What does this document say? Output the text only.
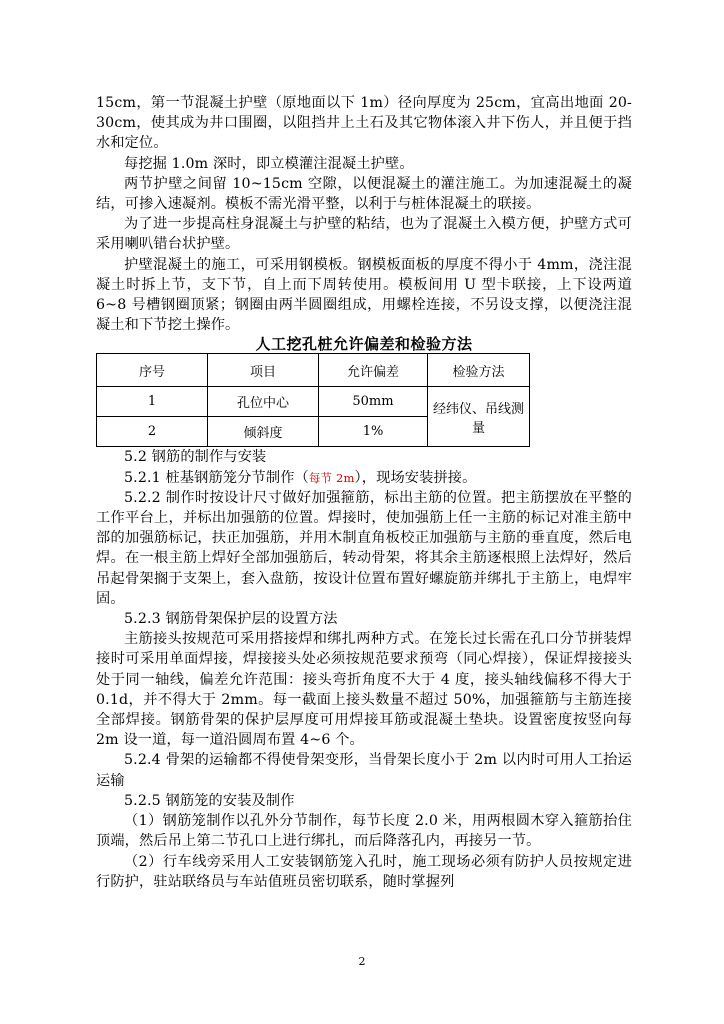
15cm，第一节混凝土护壁（原地面以下 1m）径向厚度为 25cm，宜高出地面 20-30cm，使其成为井口围圈，以阻挡井上土石及其它物体滚入井下伤人，并且便于挡水和定位。

每挖掘 1.0m 深时，即立模灌注混凝土护壁。

两节护壁之间留 10~15cm 空隙，以便混凝土的灌注施工。为加速混凝土的凝结，可掺入速凝剂。模板不需光滑平整，以利于与桩体混凝土的联接。

为了进一步提高柱身混凝土与护壁的粘结，也为了混凝土入模方便，护壁方式可采用喇叭错台状护壁。

护壁混凝土的施工，可采用钢模板。钢模板面板的厚度不得小于 4mm，浇注混凝土时拆上节，支下节，自上而下周转使用。模板间用 U 型卡联接，上下设两道 6~8 号槽钢圈顶紧；钢圈由两半圆圈组成，用螺栓连接，不另设支撑，以便浇注混凝土和下节挖土操作。

人工挖孔桩允许偏差和检验方法
序号	项目	允许偏差	检验方法
1	孔位中心	50mm	经纬仪、吊线测量
2	倾斜度	1%	

5.2 钢筋的制作与安装

5.2.1 桩基钢筋笼分节制作（每节 2m），现场安装拼接。

5.2.2 制作时按设计尺寸做好加强箍筋，标出主筋的位置。把主筋摆放在平整的工作平台上，并标出加强筋的位置。焊接时，使加强筋上任一主筋的标记对准主筋中部的加强筋标记，扶正加强筋，并用木制直角板校正加强筋与主筋的垂直度，然后电焊。在一根主筋上焊好全部加强筋后，转动骨架，将其余主筋逐根照上法焊好，然后吊起骨架搁于支架上，套入盘筋，按设计位置布置好螺旋筋并绑扎于主筋上，电焊牢固。

5.2.3 钢筋骨架保护层的设置方法

主筋接头按规范可采用搭接焊和绑扎两种方式。在笼长过长需在孔口分节拼装焊接时可采用单面焊接，焊接接头处必须按规范要求预弯（同心焊接），保证焊接接头处于同一轴线，偏差允许范围：接头弯折角度不大于 4 度，接头轴线偏移不得大于 0.1d，并不得大于 2mm。每一截面上接头数量不超过 50%，加强箍筋与主筋连接全部焊接。钢筋骨架的保护层厚度可用焊接耳筋或混凝土垫块。设置密度按竖向每 2m 设一道，每一道沿圆周布置 4~6 个。

5.2.4 骨架的运输都不得使骨架变形，当骨架长度小于 2m 以内时可用人工抬运运输

5.2.5 钢筋笼的安装及制作

（1）钢筋笼制作以孔外分节制作，每节长度 2.0 米，用两根圆木穿入箍筋抬住顶端，然后吊上第二节孔口上进行绑扎，而后降落孔内，再接另一节。

（2）行车线旁采用人工安装钢筋笼入孔时，施工现场必须有防护人员按规定进行防护，驻站联络员与车站值班员密切联系，随时掌握列

2
